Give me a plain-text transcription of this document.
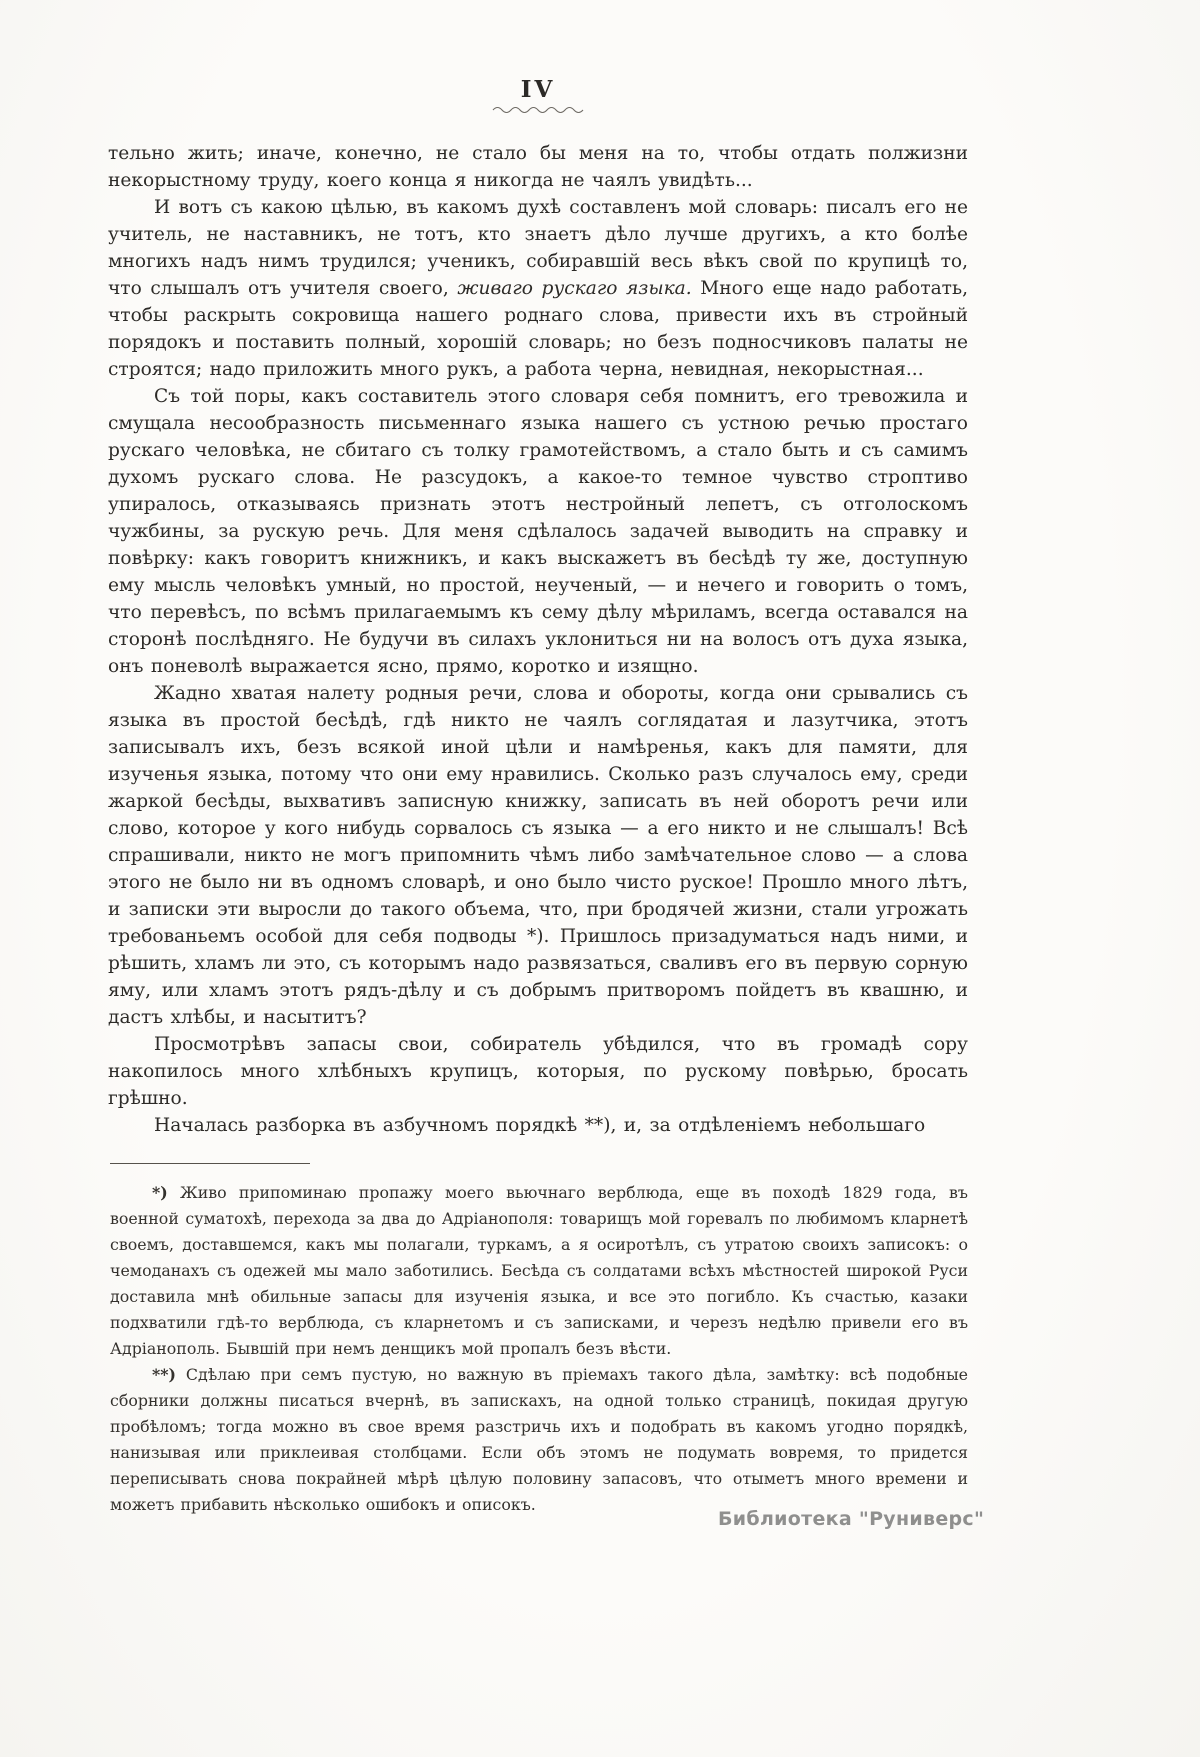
IV

тельно жить; иначе, конечно, не стало бы меня на то, чтобы отдать полжизни некорыстному труду, коего конца я никогда не чаялъ увидѣть...

И вотъ съ какою цѣлью, въ какомъ духѣ составленъ мой словарь: писалъ его не учитель, не наставникъ, не тотъ, кто знаетъ дѣло лучше другихъ, а кто болѣе многихъ надъ нимъ трудился; ученикъ, собиравшій весь вѣкъ свой по крупицѣ то, что слышалъ отъ учителя своего, живаго рускаго языка. Много еще надо работать, чтобы раскрыть сокровища нашего роднаго слова, привести ихъ въ стройный порядокъ и поставить полный, хорошій словарь; но безъ подносчиковъ палаты не строятся; надо приложить много рукъ, а работа черна, невидная, некорыстная...

Съ той поры, какъ составитель этого словаря себя помнитъ, его тревожила и смущала несообразность письменнаго языка нашего съ устною речью простаго рускаго человѣка, не сбитаго съ толку грамотействомъ, а стало быть и съ самимъ духомъ рускаго слова. Не разсудокъ, а какое-то темное чувство строптиво упиралось, отказываясь признать этотъ нестройный лепетъ, съ отголоскомъ чужбины, за рускую речь. Для меня сдѣлалось задачей выводить на справку и повѣрку: какъ говоритъ книжникъ, и какъ выскажетъ въ бесѣдѣ ту же, доступную ему мысль человѣкъ умный, но простой, неученый, — и нечего и говорить о томъ, что перевѣсъ, по всѣмъ прилагаемымъ къ сему дѣлу мѣриламъ, всегда оставался на сторонѣ послѣдняго. Не будучи въ силахъ уклониться ни на волосъ отъ духа языка, онъ поневолѣ выражается ясно, прямо, коротко и изящно.

Жадно хватая налету родныя речи, слова и обороты, когда они срывались съ языка въ простой бесѣдѣ, гдѣ никто не чаялъ соглядатая и лазутчика, этотъ записывалъ ихъ, безъ всякой иной цѣли и намѣренья, какъ для памяти, для изученья языка, потому что они ему нравились. Сколько разъ случалось ему, среди жаркой бесѣды, выхвативъ записную книжку, записать въ ней оборотъ речи или слово, которое у кого нибудь сорвалось съ языка — а его никто и не слышалъ! Всѣ спрашивали, никто не могъ припомнить чѣмъ либо замѣчательное слово — а слова этого не было ни въ одномъ словарѣ, и оно было чисто руское! Прошло много лѣтъ, и записки эти выросли до такого объема, что, при бродячей жизни, стали угрожать требованьемъ особой для себя подводы *). Пришлось призадуматься надъ ними, и рѣшить, хламъ ли это, съ которымъ надо развязаться, сваливъ его въ первую сорную яму, или хламъ этотъ рядъ-дѣлу и съ добрымъ притворомъ пойдетъ въ квашню, и дастъ хлѣбы, и насытитъ?

Просмотрѣвъ запасы свои, собиратель убѣдился, что въ громадѣ сору накопилось много хлѣбныхъ крупицъ, которыя, по рускому повѣрью, бросать грѣшно.

Началась разборка въ азбучномъ порядкѣ **), и, за отдѣленіемъ небольшаго

*) Живо припоминаю пропажу моего вьючнаго верблюда, еще въ походѣ 1829 года, въ военной суматохѣ, перехода за два до Адріанополя: товарищъ мой горевалъ по любимомъ кларнетѣ своемъ, доставшемся, какъ мы полагали, туркамъ, а я осиротѣлъ, съ утратою своихъ записокъ: о чемоданахъ съ одежей мы мало заботились. Бесѣда съ солдатами всѣхъ мѣстностей широкой Руси доставила мнѣ обильные запасы для изученія языка, и все это погибло. Къ счастью, казаки подхватили гдѣ-то верблюда, съ кларнетомъ и съ записками, и черезъ недѣлю привели его въ Адріанополь. Бывшій при немъ денщикъ мой пропалъ безъ вѣсти.

**) Сдѣлаю при семъ пустую, но важную въ пріемахъ такого дѣла, замѣтку: всѣ подобные сборники должны писаться вчернѣ, въ запискахъ, на одной только страницѣ, покидая другую пробѣломъ; тогда можно въ свое время разстричь ихъ и подобрать въ какомъ угодно порядкѣ, нанизывая или приклеивая столбцами. Если объ этомъ не подумать вовремя, то придется переписывать снова покрайней мѣрѣ цѣлую половину запасовъ, что отыметъ много времени и можетъ прибавить нѣсколько ошибокъ и описокъ.

Библиотека "Руниверс"
